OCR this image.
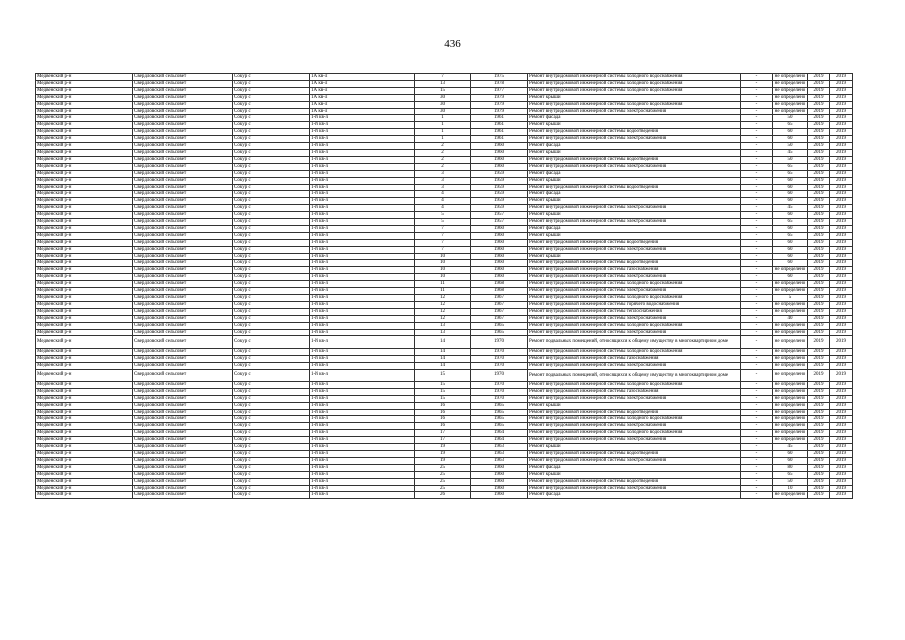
436
Медвенский р-н	Свердловский сельсовет	Сокур с	1А кв-л	7	1975	Ремонт внутридомовой инженерной системы холодного водоснабжения	-	не определено	2019	2019
Медвенский р-н	Свердловский сельсовет	Сокур с	1А кв-л	13	1978	Ремонт внутридомовой инженерной системы холодного водоснабжения	-	не определено	2019	2019
Медвенский р-н	Свердловский сельсовет	Сокур с	1А кв-л	15	1977	Ремонт внутридомовой инженерной системы холодного водоснабжения	-	не определено	2019	2019
Медвенский р-н	Свердловский сельсовет	Сокур с	1А кв-л	30	1979	Ремонт крыши	-	не определено	2019	2019
Медвенский р-н	Свердловский сельсовет	Сокур с	1А кв-л	30	1979	Ремонт внутридомовой инженерной системы холодного водоснабжения	-	не определено	2019	2019
Медвенский р-н	Свердловский сельсовет	Сокур с	1А кв-л	30	1979	Ремонт внутридомовой инженерной системы электроснабжения	-	не определено	2019	2019
Медвенский р-н	Свердловский сельсовет	Сокур с	1-й кв-л	1	1961	Ремонт фасада	-	50	2019	2019
Медвенский р-н	Свердловский сельсовет	Сокур с	1-й кв-л	1	1961	Ремонт крыши	-	65	2019	2019
Медвенский р-н	Свердловский сельсовет	Сокур с	1-й кв-л	1	1961	Ремонт внутридомовой инженерной системы водоотведения	-	60	2019	2019
Медвенский р-н	Свердловский сельсовет	Сокур с	1-й кв-л	1	1961	Ремонт внутридомовой инженерной системы электроснабжения	-	60	2019	2019
Медвенский р-н	Свердловский сельсовет	Сокур с	1-й кв-л	2	1960	Ремонт фасада	-	50	2019	2019
Медвенский р-н	Свердловский сельсовет	Сокур с	1-й кв-л	2	1960	Ремонт крыши	-	45	2019	2019
Медвенский р-н	Свердловский сельсовет	Сокур с	1-й кв-л	2	1960	Ремонт внутридомовой инженерной системы водоотведения	-	50	2019	2019
Медвенский р-н	Свердловский сельсовет	Сокур с	1-й кв-л	2	1960	Ремонт внутридомовой инженерной системы электроснабжения	-	65	2019	2019
Медвенский р-н	Свердловский сельсовет	Сокур с	1-й кв-л	3	1959	Ремонт фасада	-	65	2019	2019
Медвенский р-н	Свердловский сельсовет	Сокур с	1-й кв-л	3	1959	Ремонт крыши	-	60	2019	2019
Медвенский р-н	Свердловский сельсовет	Сокур с	1-й кв-л	3	1959	Ремонт внутридомовой инженерной системы водоотведения	-	60	2019	2019
Медвенский р-н	Свердловский сельсовет	Сокур с	1-й кв-л	4	1959	Ремонт фасада	-	60	2019	2019
Медвенский р-н	Свердловский сельсовет	Сокур с	1-й кв-л	4	1959	Ремонт крыши	-	60	2019	2019
Медвенский р-н	Свердловский сельсовет	Сокур с	1-й кв-л	4	1959	Ремонт внутридомовой инженерной системы электроснабжения	-	45	2019	2019
Медвенский р-н	Свердловский сельсовет	Сокур с	1-й кв-л	5	1957	Ремонт крыши	-	60	2019	2019
Медвенский р-н	Свердловский сельсовет	Сокур с	1-й кв-л	5	1957	Ремонт внутридомовой инженерной системы электроснабжения	-	65	2019	2019
Медвенский р-н	Свердловский сельсовет	Сокур с	1-й кв-л	7	1960	Ремонт фасада	-	60	2019	2019
Медвенский р-н	Свердловский сельсовет	Сокур с	1-й кв-л	7	1960	Ремонт крыши	-	65	2019	2019
Медвенский р-н	Свердловский сельсовет	Сокур с	1-й кв-л	7	1960	Ремонт внутридомовой инженерной системы водоотведения	-	60	2019	2019
Медвенский р-н	Свердловский сельсовет	Сокур с	1-й кв-л	7	1960	Ремонт внутридомовой инженерной системы электроснабжения	-	60	2019	2019
Медвенский р-н	Свердловский сельсовет	Сокур с	1-й кв-л	10	1960	Ремонт крыши	-	60	2019	2019
Медвенский р-н	Свердловский сельсовет	Сокур с	1-й кв-л	10	1960	Ремонт внутридомовой инженерной системы водоотведения	-	60	2019	2019
Медвенский р-н	Свердловский сельсовет	Сокур с	1-й кв-л	10	1960	Ремонт внутридомовой инженерной системы газоснабжения	-	не определено	2019	2019
Медвенский р-н	Свердловский сельсовет	Сокур с	1-й кв-л	10	1960	Ремонт внутридомовой инженерной системы электроснабжения	-	60	2019	2019
Медвенский р-н	Свердловский сельсовет	Сокур с	1-й кв-л	11	1968	Ремонт внутридомовой инженерной системы холодного водоснабжения	-	не определено	2019	2019
Медвенский р-н	Свердловский сельсовет	Сокур с	1-й кв-л	11	1968	Ремонт внутридомовой инженерной системы электроснабжения	-	не определено	2019	2019
Медвенский р-н	Свердловский сельсовет	Сокур с	1-й кв-л	12	1967	Ремонт внутридомовой инженерной системы холодного водоснабжения	-	5	2019	2019
Медвенский р-н	Свердловский сельсовет	Сокур с	1-й кв-л	12	1967	Ремонт внутридомовой инженерной системы горячего водоснабжения	-	не определено	2019	2019
Медвенский р-н	Свердловский сельсовет	Сокур с	1-й кв-л	12	1967	Ремонт внутридомовой инженерной системы теплоснабжения	-	не определено	2019	2019
Медвенский р-н	Свердловский сельсовет	Сокур с	1-й кв-л	12	1967	Ремонт внутридомовой инженерной системы электроснабжения	-	40	2019	2019
Медвенский р-н	Свердловский сельсовет	Сокур с	1-й кв-л	13	1965	Ремонт внутридомовой инженерной системы холодного водоснабжения	-	не определено	2019	2019
Медвенский р-н	Свердловский сельсовет	Сокур с	1-й кв-л	13	1965	Ремонт внутридомовой инженерной системы электроснабжения	-	не определено	2019	2019
Медвенский р-н	Свердловский сельсовет	Сокур с	1-й кв-л	14	1970	Ремонт подвальных помещений, относящихся к общему имуществу в многоквартирном доме	-	не определено	2019	2019
Медвенский р-н	Свердловский сельсовет	Сокур с	1-й кв-л	14	1970	Ремонт внутридомовой инженерной системы холодного водоснабжения	-	не определено	2019	2019
Медвенский р-н	Свердловский сельсовет	Сокур с	1-й кв-л	14	1970	Ремонт внутридомовой инженерной системы газоснабжения	-	не определено	2019	2019
Медвенский р-н	Свердловский сельсовет	Сокур с	1-й кв-л	14	1970	Ремонт внутридомовой инженерной системы электроснабжения	-	не определено	2019	2019
Медвенский р-н	Свердловский сельсовет	Сокур с	1-й кв-л	15	1970	Ремонт подвальных помещений, относящихся к общему имуществу в многоквартирном доме	-	не определено	2019	2019
Медвенский р-н	Свердловский сельсовет	Сокур с	1-й кв-л	15	1970	Ремонт внутридомовой инженерной системы холодного водоснабжения	-	не определено	2019	2019
Медвенский р-н	Свердловский сельсовет	Сокур с	1-й кв-л	15	1970	Ремонт внутридомовой инженерной системы газоснабжения	-	не определено	2019	2019
Медвенский р-н	Свердловский сельсовет	Сокур с	1-й кв-л	15	1970	Ремонт внутридомовой инженерной системы электроснабжения	-	не определено	2019	2019
Медвенский р-н	Свердловский сельсовет	Сокур с	1-й кв-л	16	1965	Ремонт крыши	-	не определено	2019	2019
Медвенский р-н	Свердловский сельсовет	Сокур с	1-й кв-л	16	1965	Ремонт внутридомовой инженерной системы водоотведения	-	не определено	2019	2019
Медвенский р-н	Свердловский сельсовет	Сокур с	1-й кв-л	16	1965	Ремонт внутридомовой инженерной системы холодного водоснабжения	-	не определено	2019	2019
Медвенский р-н	Свердловский сельсовет	Сокур с	1-й кв-л	16	1965	Ремонт внутридомовой инженерной системы электроснабжения	-	не определено	2019	2019
Медвенский р-н	Свердловский сельсовет	Сокур с	1-й кв-л	17	1964	Ремонт внутридомовой инженерной системы холодного водоснабжения	-	не определено	2019	2019
Медвенский р-н	Свердловский сельсовет	Сокур с	1-й кв-л	17	1964	Ремонт внутридомовой инженерной системы электроснабжения	-	не определено	2019	2019
Медвенский р-н	Свердловский сельсовет	Сокур с	1-й кв-л	19	1963	Ремонт крыши	-	45	2019	2019
Медвенский р-н	Свердловский сельсовет	Сокур с	1-й кв-л	19	1963	Ремонт внутридомовой инженерной системы водоотведения	-	60	2019	2019
Медвенский р-н	Свердловский сельсовет	Сокур с	1-й кв-л	19	1963	Ремонт внутридомовой инженерной системы электроснабжения	-	60	2019	2019
Медвенский р-н	Свердловский сельсовет	Сокур с	1-й кв-л	25	1960	Ремонт фасада	-	80	2019	2019
Медвенский р-н	Свердловский сельсовет	Сокур с	1-й кв-л	25	1960	Ремонт крыши	-	65	2019	2019
Медвенский р-н	Свердловский сельсовет	Сокур с	1-й кв-л	25	1960	Ремонт внутридомовой инженерной системы водоотведения	-	50	2019	2019
Медвенский р-н	Свердловский сельсовет	Сокур с	1-й кв-л	25	1960	Ремонт внутридомовой инженерной системы электроснабжения	-	10	2019	2019
Медвенский р-н	Свердловский сельсовет	Сокур с	1-й кв-л	26	1960	Ремонт фасада	-	не определено	2019	2019
